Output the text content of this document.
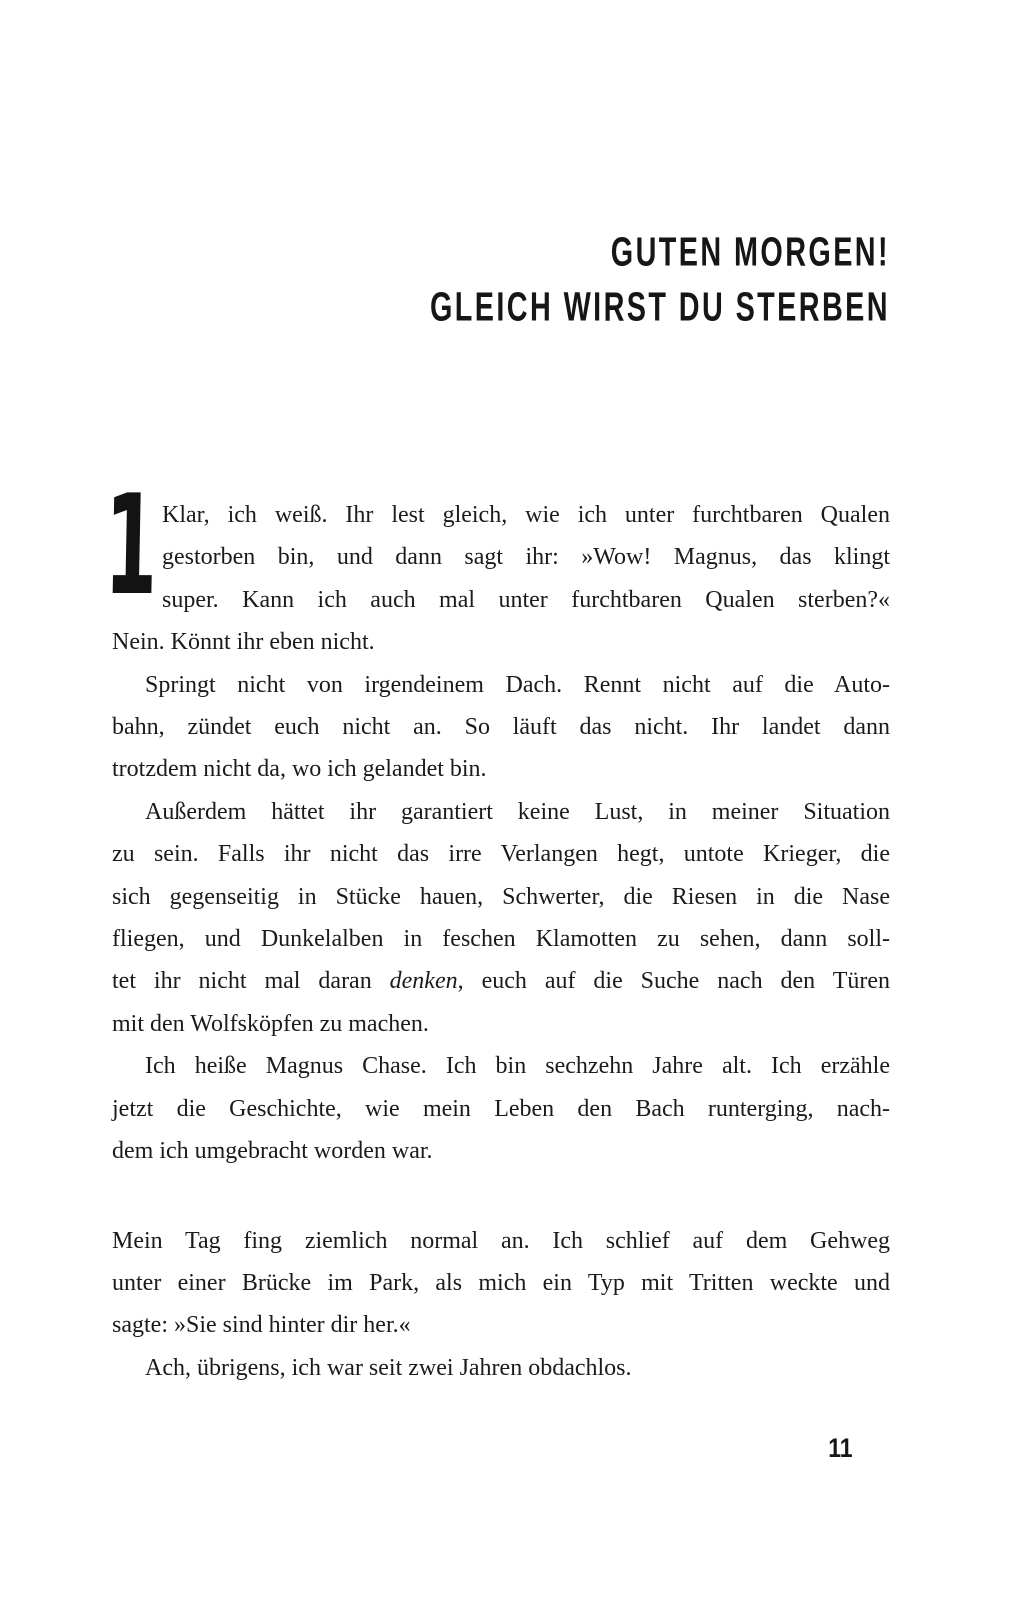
GUTEN MORGEN!
GLEICH WIRST DU STERBEN
1 Klar, ich weiß. Ihr lest gleich, wie ich unter furchtbaren Qualen
gestorben bin, und dann sagt ihr: »Wow! Magnus, das klingt
super. Kann ich auch mal unter furchtbaren Qualen sterben?«
Nein. Könnt ihr eben nicht.
Springt nicht von irgendeinem Dach. Rennt nicht auf die Auto-
bahn, zündet euch nicht an. So läuft das nicht. Ihr landet dann
trotzdem nicht da, wo ich gelandet bin.
Außerdem hättet ihr garantiert keine Lust, in meiner Situation
zu sein. Falls ihr nicht das irre Verlangen hegt, untote Krieger, die
sich gegenseitig in Stücke hauen, Schwerter, die Riesen in die Nase
fliegen, und Dunkelalben in feschen Klamotten zu sehen, dann soll-
tet ihr nicht mal daran denken, euch auf die Suche nach den Türen
mit den Wolfsköpfen zu machen.
Ich heiße Magnus Chase. Ich bin sechzehn Jahre alt. Ich erzähle
jetzt die Geschichte, wie mein Leben den Bach runterging, nach-
dem ich umgebracht worden war.
Mein Tag fing ziemlich normal an. Ich schlief auf dem Gehweg
unter einer Brücke im Park, als mich ein Typ mit Tritten weckte und
sagte: »Sie sind hinter dir her.«
Ach, übrigens, ich war seit zwei Jahren obdachlos.
11
